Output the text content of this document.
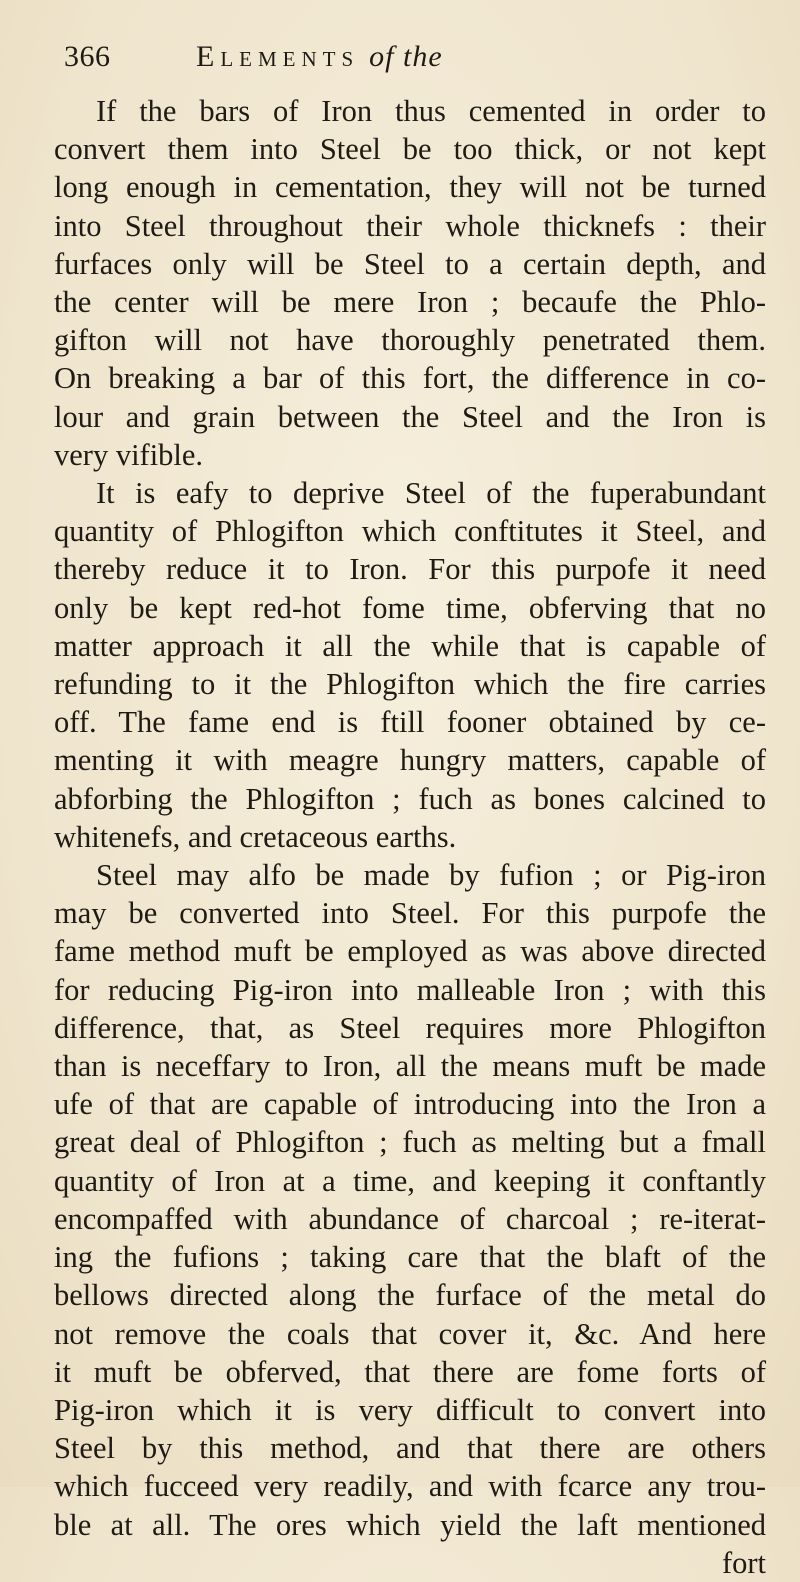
366	Elements of the

If the bars of Iron thus cemented in order to
convert them into Steel be too thick, or not kept
long enough in cementation, they will not be turned
into Steel throughout their whole thicknefs : their
furfaces only will be Steel to a certain depth, and
the center will be mere Iron ; becaufe the Phlo-
gifton will not have thoroughly penetrated them.
On breaking a bar of this fort, the difference in co-
lour and grain between the Steel and the Iron is
very vifible.

It is eafy to deprive Steel of the fuperabundant
quantity of Phlogifton which conftitutes it Steel, and
thereby reduce it to Iron. For this purpofe it need
only be kept red-hot fome time, obferving that no
matter approach it all the while that is capable of
refunding to it the Phlogifton which the fire carries
off. The fame end is ftill fooner obtained by ce-
menting it with meagre hungry matters, capable of
abforbing the Phlogifton ; fuch as bones calcined to
whitenefs, and cretaceous earths.

Steel may alfo be made by fufion ; or Pig-iron
may be converted into Steel. For this purpofe the
fame method muft be employed as was above directed
for reducing Pig-iron into malleable Iron ; with this
difference, that, as Steel requires more Phlogifton
than is neceffary to Iron, all the means muft be made
ufe of that are capable of introducing into the Iron a
great deal of Phlogifton ; fuch as melting but a fmall
quantity of Iron at a time, and keeping it conftantly
encompaffed with abundance of charcoal ; re-iterat-
ing the fufions ; taking care that the blaft of the
bellows directed along the furface of the metal do
not remove the coals that cover it, &c. And here
it muft be obferved, that there are fome forts of
Pig-iron which it is very difficult to convert into
Steel by this method, and that there are others
which fucceed very readily, and with fcarce any trou-
ble at all. The ores which yield the laft mentioned

fort
